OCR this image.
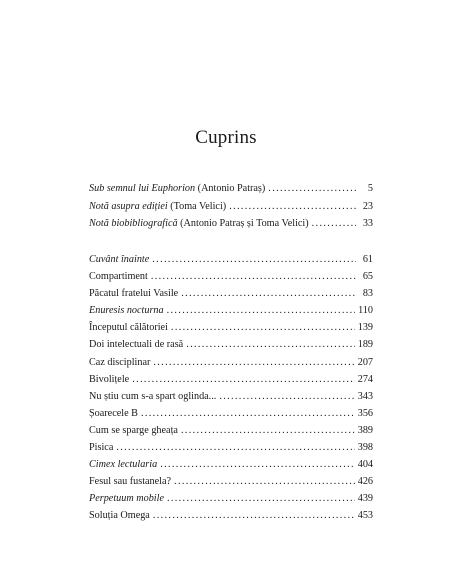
Cuprins
Sub semnul lui Euphorion (Antonio Patraș) . . .	5
Notă asupra ediției (Toma Velici) . . .	23
Notă biobibliografică (Antonio Patraș și Toma Velici) . . .	33
Cuvânt înainte . . .	61
Compartiment . . .	65
Păcatul fratelui Vasile . . .	83
Enuresis nocturna . . .	110
Începutul călătoriei . . .	139
Doi intelectuali de rasă . . .	189
Caz disciplinar . . .	207
Bivolițele . . .	274
Nu știu cum s-a spart oglinda... . . .	343
Șoarecele B . . .	356
Cum se sparge gheața . . .	389
Pisica . . .	398
Cimex lectularia . . .	404
Fesul sau fustanela? . . .	426
Perpetuum mobile . . .	439
Soluția Omega . . .	453
